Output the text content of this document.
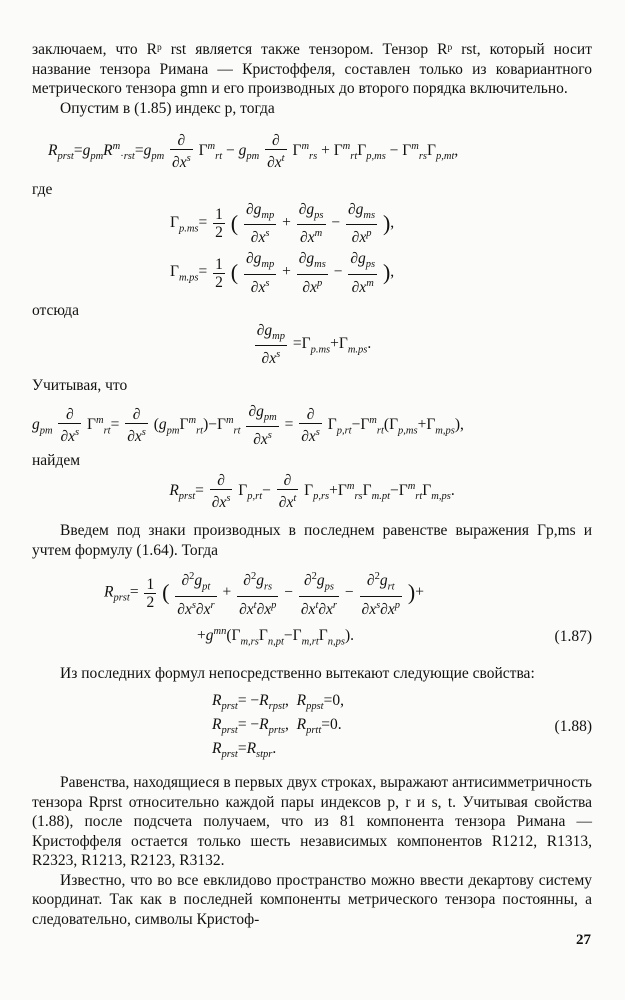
заключаем, что Rᵖ rst является также тензором. Тензор Rᵖ rst, который носит название тензора Римана — Кристоффеля, составлен только из ковариантного метрического тензора gmn и его производных до второго порядка включительно.

Опустим в (1.85) индекс p, тогда

$R_{prst}=g_{pm}R^m_{\cdot rst}=g_{pm} \frac{\partial}{\partial x^s} \Gamma^m_{rt} - g_{pm} \frac{\partial}{\partial x^t} \Gamma^m_{rs} + \Gamma^m_{rt}\Gamma_{p,ms} - \Gamma^m_{rs}\Gamma_{p,mt}$,
где
$\Gamma_{p.ms}= \frac{1}{2}$ ( $\frac{\partial g_{mp}}{\partial x^s} + \frac{\partial g_{ps}}{\partial x^m} - \frac{\partial g_{ms}}{\partial x^p}$ ),
$\Gamma_{m.ps}= \frac{1}{2}$ ( $\frac{\partial g_{mp}}{\partial x^s} + \frac{\partial g_{ms}}{\partial x^p} - \frac{\partial g_{ps}}{\partial x^m}$ ),
отсюда
$\frac{\partial g_{mp}}{\partial x^s} =\Gamma_{p.ms}+\Gamma_{m.ps}$.
Учитывая, что
$g_{pm} \frac{\partial}{\partial x^s} \Gamma^m_{rt}= \frac{\partial}{\partial x^s} (g_{pm}\Gamma^m_{rt})-\Gamma^m_{rt} \frac{\partial g_{pm}}{\partial x^s} = \frac{\partial}{\partial x^s} \Gamma_{p,rt}-\Gamma^m_{rt}(\Gamma_{p,ms}+\Gamma_{m,ps})$,
найдем
$R_{prst}= \frac{\partial}{\partial x^s} \Gamma_{p,rt}- \frac{\partial}{\partial x^t} \Gamma_{p,rs}+\Gamma^m_{rs}\Gamma_{m.pt}-\Gamma^m_{rt}\Gamma_{m,ps}$.

Введем под знаки производных в последнем равенстве выражения Γp,ms и учтем формулу (1.64). Тогда

$R_{prst}= \frac{1}{2}$ ( $\frac{\partial^2g_{pt}}{\partial x^s\partial x^r} + \frac{\partial^2g_{rs}}{\partial x^t\partial x^p} - \frac{\partial^2g_{ps}}{\partial x^t\partial x^r} - \frac{\partial^2g_{rt}}{\partial x^s\partial x^p}$ )+
$+g^{mn}(\Gamma_{m,rs}\Gamma_{n,pt}-\Gamma_{m,rt}\Gamma_{n,ps})$.	(1.87)

Из последних формул непосредственно вытекают следующие свойства:

$R_{prst}= -R_{rpst}$,  $R_{ppst}=0$,
$R_{prst}= -R_{prts}$,  $R_{prtt}=0$.
$R_{prst}=R_{stpr}$.
(1.88)

Равенства, находящиеся в первых двух строках, выражают антисимметричность тензора Rprst относительно каждой пары индексов p, r и s, t. Учитывая свойства (1.88), после подсчета получаем, что из 81 компонента тензора Римана — Кристоффеля остается только шесть независимых компонентов R1212, R1313, R2323, R1213, R2123, R3132.

Известно, что во все евклидово пространство можно ввести декартову систему координат. Так как в последней компоненты метрического тензора постоянны, а следовательно, символы Кристоф-

27
